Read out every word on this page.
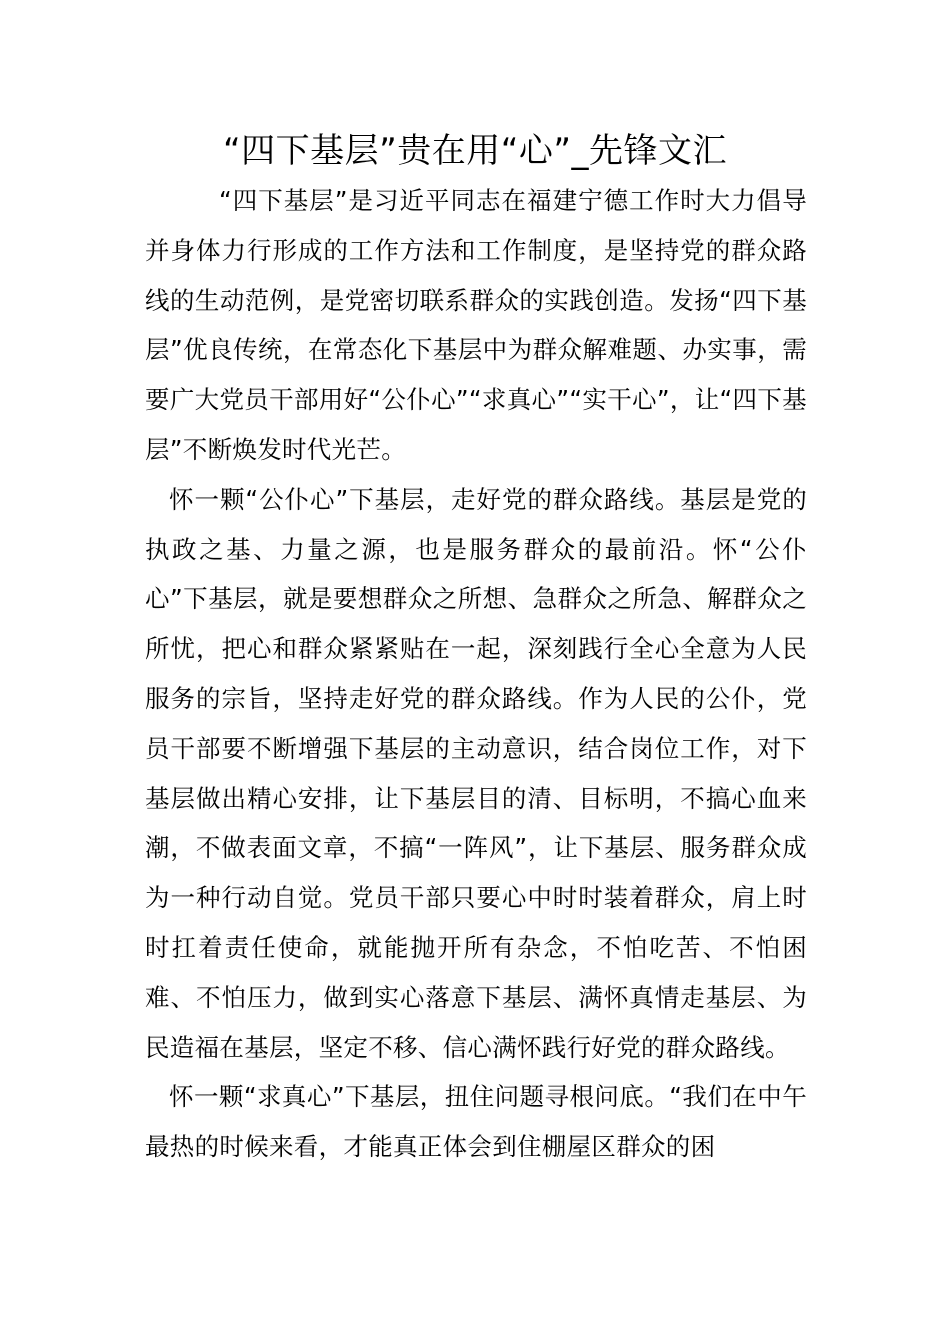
“四下基层”贵在用“心”_先锋文汇

“四下基层”是习近平同志在福建宁德工作时大力倡导并身体力行形成的工作方法和工作制度，是坚持党的群众路线的生动范例，是党密切联系群众的实践创造。发扬“四下基层”优良传统，在常态化下基层中为群众解难题、办实事，需要广大党员干部用好“公仆心”“求真心”“实干心”，让“四下基层”不断焕发时代光芒。

怀一颗“公仆心”下基层，走好党的群众路线。基层是党的执政之基、力量之源，也是服务群众的最前沿。怀“公仆心”下基层，就是要想群众之所想、急群众之所急、解群众之所忧，把心和群众紧紧贴在一起，深刻践行全心全意为人民服务的宗旨，坚持走好党的群众路线。作为人民的公仆，党员干部要不断增强下基层的主动意识，结合岗位工作，对下基层做出精心安排，让下基层目的清、目标明，不搞心血来潮，不做表面文章，不搞“一阵风”，让下基层、服务群众成为一种行动自觉。党员干部只要心中时时装着群众，肩上时时扛着责任使命，就能抛开所有杂念，不怕吃苦、不怕困难、不怕压力，做到实心落意下基层、满怀真情走基层、为民造福在基层，坚定不移、信心满怀践行好党的群众路线。

怀一颗“求真心”下基层，扭住问题寻根问底。“我们在中午最热的时候来看，才能真正体会到住棚屋区群众的困
